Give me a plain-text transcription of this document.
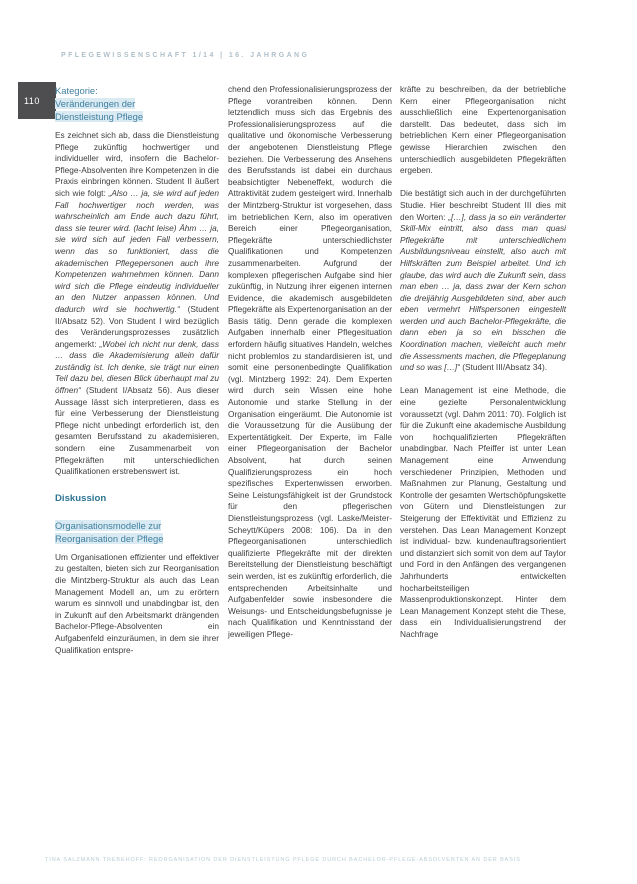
PFLEGEWISSENSCHAFT 1/14 | 16. JAHRGANG
110
Kategorie:
Veränderungen der
Dienstleistung Pflege

Es zeichnet sich ab, dass die Dienstleistung Pflege zukünftig hochwertiger und individueller wird, insofern die Bachelor-Pflege-Absolventen ihre Kompetenzen in die Praxis einbringen können. Student II äußert sich wie folgt: „Also … ja, sie wird auf jeden Fall hochwertiger noch werden, was wahrscheinlich am Ende auch dazu führt, dass sie teurer wird. (lacht leise) Ähm … ja, sie wird sich auf jeden Fall verbessern, wenn das so funktioniert, dass die akademischen Pflegepersonen auch ihre Kompetenzen wahrnehmen können. Dann wird sich die Pflege eindeutig individueller an den Nutzer anpassen können. Und dadurch wird sie hochwertig.“ (Student II/Absatz 52). Von Student I wird bezüglich des Veränderungsprozesses zusätzlich angemerkt: „Wobei ich nicht nur denk, dass … dass die Akademisierung allein dafür zuständig ist. Ich denke, sie trägt nur einen Teil dazu bei, diesen Blick überhaupt mal zu öffnen“ (Student I/Absatz 56). Aus dieser Aussage lässt sich interpretieren, dass es für eine Verbesserung der Dienstleistung Pflege nicht unbedingt erforderlich ist, den gesamten Berufsstand zu akademisieren, sondern eine Zusammenarbeit von Pflegekräften mit unterschiedlichen Qualifikationen erstrebenswert ist.

Diskussion
Organisationsmodelle zur
Reorganisation der Pflege

Um Organisationen effizienter und effektiver zu gestalten, bieten sich zur Reorganisation die Mintzberg-Struktur als auch das Lean Management Modell an, um zu erörtern warum es sinnvoll und unabdingbar ist, den in Zukunft auf den Arbeitsmarkt drängenden Bachelor-Pflege-Absolventen ein Aufgabenfeld einzuräumen, in dem sie ihrer Qualifikation entspre-

chend den Professionalisierungsprozess der Pflege vorantreiben können. Denn letztendlich muss sich das Ergebnis des Professionalisierungsprozess auf die qualitative und ökonomische Verbesserung der angebotenen Dienstleistung Pflege beziehen. Die Verbesserung des Ansehens des Berufsstands ist dabei ein durchaus beabsichtigter Nebeneffekt, wodurch die Attraktivität zudem gesteigert wird. Innerhalb der Mintzberg-Struktur ist vorgesehen, dass im betrieblichen Kern, also im operativen Bereich einer Pflegeorganisation, Pflegekräfte unterschiedlichster Qualifikationen und Kompetenzen zusammenarbeiten. Aufgrund der komplexen pflegerischen Aufgabe sind hier zukünftig, in Nutzung ihrer eigenen internen Evidence, die akademisch ausgebildeten Pflegekräfte als Expertenorganisation an der Basis tätig. Denn gerade die komplexen Aufgaben innerhalb einer Pflegesituation erfordern häufig situatives Handeln, welches nicht problemlos zu standardisieren ist, und somit eine personenbedingte Qualifikation (vgl. Mintzberg 1992: 24). Dem Experten wird durch sein Wissen eine hohe Autonomie und starke Stellung in der Organisation eingeräumt. Die Autonomie ist die Voraussetzung für die Ausübung der Expertentätigkeit. Der Experte, im Falle einer Pflegeorganisation der Bachelor Absolvent, hat durch seinen Qualifizierungsprozess ein hoch spezifisches Expertenwissen erworben. Seine Leistungsfähigkeit ist der Grundstock für den pflegerischen Dienstleistungsprozess (vgl. Laske/Meister-Scheytt/Küpers 2008: 106). Da in den Pflegeorganisationen unterschiedlich qualifizierte Pflegekräfte mit der direkten Bereitstellung der Dienstleistung beschäftigt sein werden, ist es zukünftig erforderlich, die entsprechenden Arbeitsinhalte und Aufgabenfelder sowie insbesondere die Weisungs- und Entscheidungsbefugnisse je nach Qualifikation und Kenntnisstand der jeweiligen Pflege-

kräfte zu beschreiben, da der betriebliche Kern einer Pflegeorganisation nicht ausschließlich eine Expertenorganisation darstellt. Das bedeutet, dass sich im betrieblichen Kern einer Pflegeorganisation gewisse Hierarchien zwischen den unterschiedlich ausgebildeten Pflegekräften ergeben.

Die bestätigt sich auch in der durchgeführten Studie. Hier beschreibt Student III dies mit den Worten: „[…], dass ja so ein veränderter Skill-Mix eintritt, also dass man quasi Pflegekräfte mit unterschiedlichem Ausbildungsniveau einstellt, also auch mit Hilfskräften zum Beispiel arbeitet. Und ich glaube, das wird auch die Zukunft sein, dass man eben … ja, dass zwar der Kern schon die dreijährig Ausgebildeten sind, aber auch eben vermehrt Hilfspersonen eingestellt werden und auch Bachelor-Pflegekräfte, die dann eben ja so ein bisschen die Koordination machen, vielleicht auch mehr die Assessments machen, die Pflegeplanung und so was […]“ (Student III/Absatz 34).

Lean Management ist eine Methode, die eine gezielte Personalentwicklung voraussetzt (vgl. Dahm 2011: 70). Folglich ist für die Zukunft eine akademische Ausbildung von hochqualifizierten Pflegekräften unabdingbar. Nach Pfeiffer ist unter Lean Management eine Anwendung verschiedener Prinzipien, Methoden und Maßnahmen zur Planung, Gestaltung und Kontrolle der gesamten Wertschöpfungskette von Gütern und Dienstleistungen zur Steigerung der Effektivität und Effizienz zu verstehen. Das Lean Management Konzept ist individual- bzw. kundenauftragsorientiert und distanziert sich somit von dem auf Taylor und Ford in den Anfängen des vergangenen Jahrhunderts entwickelten hocharbeitsteiligen Massenproduktionskonzept. Hinter dem Lean Management Konzept steht die These, dass ein Individualisierungstrend der Nachfrage

TINA SALZMANN TREBEHOFF: REORGANISATION DER DIENSTLEISTUNG PFLEGE DURCH BACHELOR-PFLEGE-ABSOLVENTEN AN DER BASIS
